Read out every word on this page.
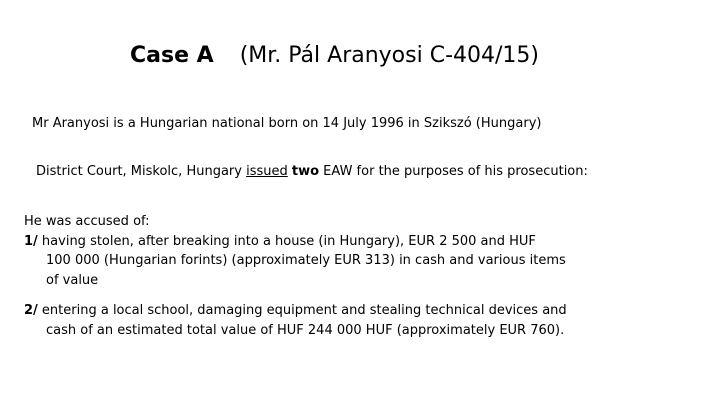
Case A (Mr. Pál Aranyosi C-404/15)
Mr Aranyosi is a Hungarian national born on 14 July 1996 in Szikszó (Hungary)
District Court, Miskolc, Hungary issued two EAW for the purposes of his prosecution:
He was accused of:
1/ having stolen, after breaking into a house (in Hungary), EUR 2 500 and HUF
100 000 (Hungarian forints) (approximately EUR 313) in cash and various items
of value
2/ entering a local school, damaging equipment and stealing technical devices and
cash of an estimated total value of HUF 244 000 HUF (approximately EUR 760).
